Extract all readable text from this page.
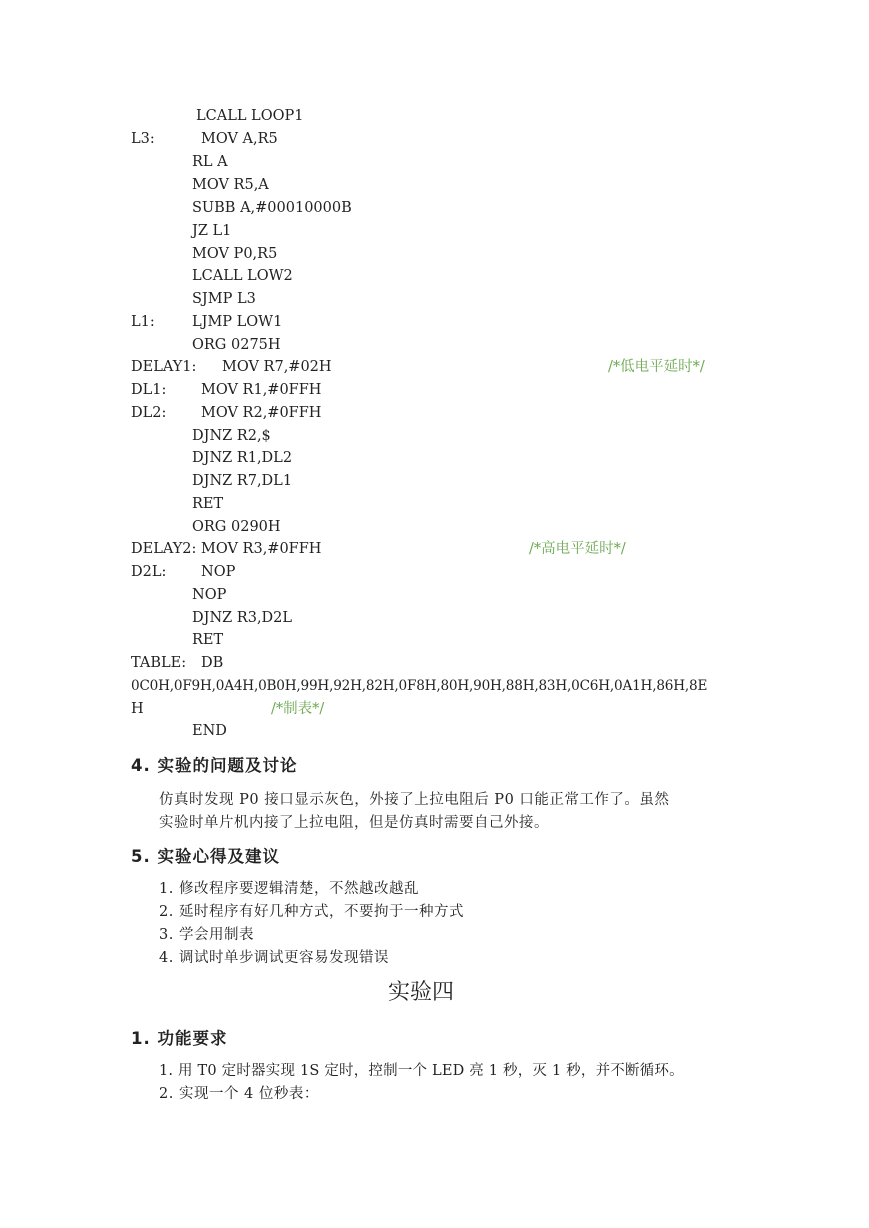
LCALL LOOP1
L3:	MOV A,R5
RL A
MOV R5,A
SUBB A,#00010000B
JZ L1
MOV P0,R5
LCALL LOW2
SJMP L3
L1:	LJMP LOW1
ORG 0275H
DELAY1: MOV R7,#02H	/*低电平延时*/
DL1: MOV R1,#0FFH
DL2: MOV R2,#0FFH
DJNZ R2,$
DJNZ R1,DL2
DJNZ R7,DL1
RET
ORG 0290H
DELAY2: MOV R3,#0FFH	/*高电平延时*/
D2L: NOP
NOP
DJNZ R3,D2L
RET
TABLE: DB
0C0H,0F9H,0A4H,0B0H,99H,92H,82H,0F8H,80H,90H,88H,83H,0C6H,0A1H,86H,8E
H	/*制表*/
END
4. 实验的问题及讨论
仿真时发现 P0 接口显示灰色，外接了上拉电阻后 P0 口能正常工作了。虽然
实验时单片机内接了上拉电阻，但是仿真时需要自己外接。
5. 实验心得及建议
1. 修改程序要逻辑清楚，不然越改越乱
2. 延时程序有好几种方式，不要拘于一种方式
3. 学会用制表
4. 调试时单步调试更容易发现错误
实验四
1. 功能要求
1. 用 T0 定时器实现 1S 定时，控制一个 LED 亮 1 秒，灭 1 秒，并不断循环。
2. 实现一个 4 位秒表：
